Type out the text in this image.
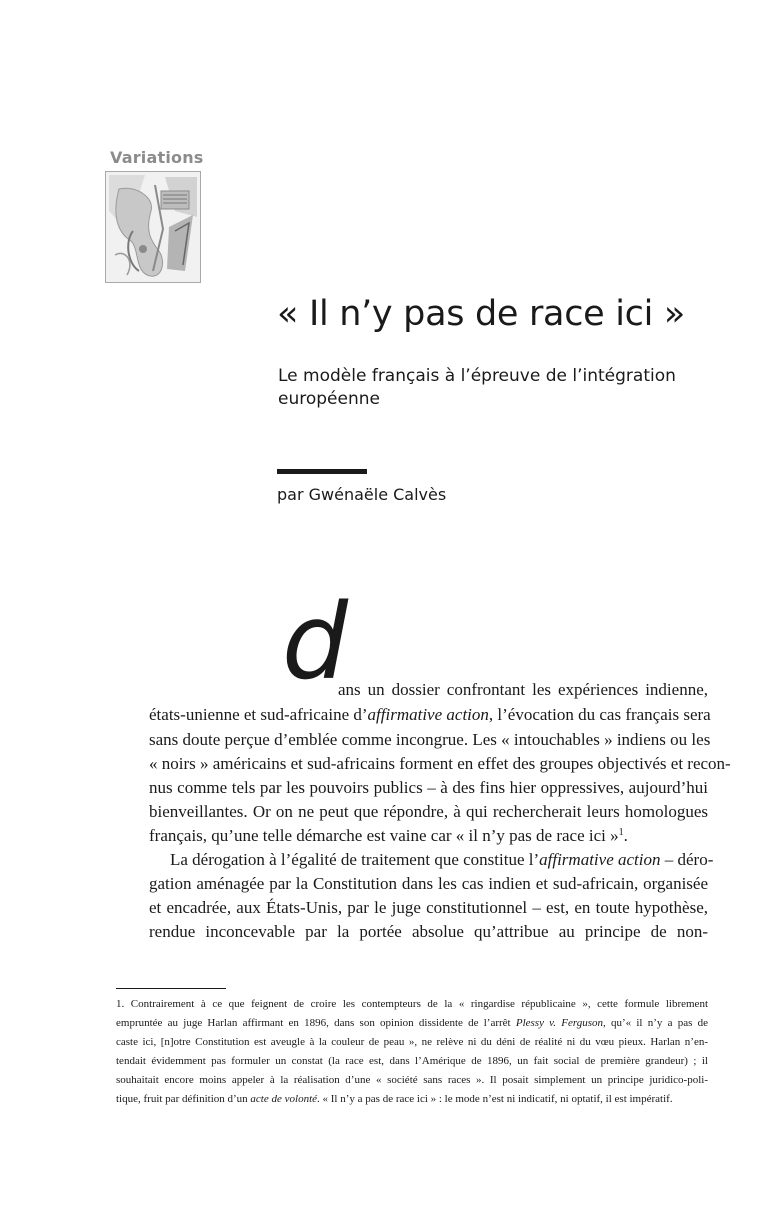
Variations
« Il n’y pas de race ici »

Le modèle français à l’épreuve de l’intégration européenne

par Gwénaële Calvès

d

ans un dossier confrontant les expériences indienne,

états-unienne et sud-africaine d’affirmative action, l’évocation du cas français sera

sans doute perçue d’emblée comme incongrue. Les « intouchables » indiens ou les

« noirs » américains et sud-africains forment en effet des groupes objectivés et recon-

nus comme tels par les pouvoirs publics – à des fins hier oppressives, aujourd’hui

bienveillantes. Or on ne peut que répondre, à qui rechercherait leurs homologues

français, qu’une telle démarche est vaine car « il n’y pas de race ici »$^1$.

La dérogation à l’égalité de traitement que constitue l’affirmative action – déro-

gation aménagée par la Constitution dans les cas indien et sud-africain, organisée

et encadrée, aux États-Unis, par le juge constitutionnel – est, en toute hypothèse,

rendue inconcevable par la portée absolue qu’attribue au principe de non-

1. Contrairement à ce que feignent de croire les contempteurs de la « ringardise républicaine », cette formule librement
empruntée au juge Harlan affirmant en 1896, dans son opinion dissidente de l’arrêt Plessy v. Ferguson, qu’« il n’y a pas de
caste ici, [n]otre Constitution est aveugle à la couleur de peau », ne relève ni du déni de réalité ni du vœu pieux. Harlan n’en-
tendait évidemment pas formuler un constat (la race est, dans l’Amérique de 1896, un fait social de première grandeur) ; il
souhaitait encore moins appeler à la réalisation d’une « société sans races ». Il posait simplement un principe juridico-poli-
tique, fruit par définition d’un acte de volonté. « Il n’y a pas de race ici » : le mode n’est ni indicatif, ni optatif, il est impératif.
